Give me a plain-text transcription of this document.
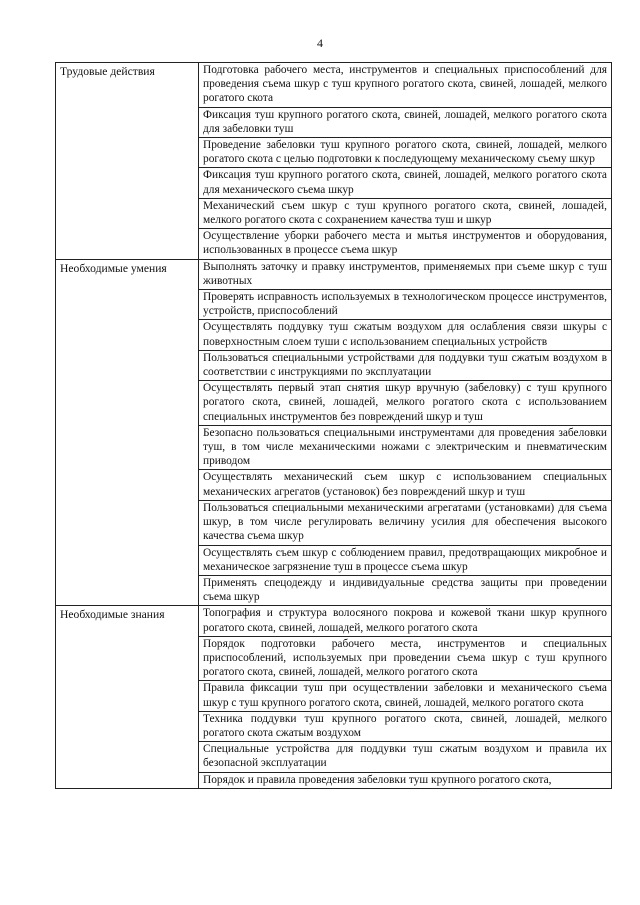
4
Трудовые действия	Подготовка рабочего места, инструментов и специальных приспособлений для проведения съема шкур с туш крупного рогатого скота, свиней, лошадей, мелкого рогатого скота
	Фиксация туш крупного рогатого скота, свиней, лошадей, мелкого рогатого скота для забеловки туш
	Проведение забеловки туш крупного рогатого скота, свиней, лошадей, мелкого рогатого скота с целью подготовки к последующему механическому съему шкур
	Фиксация туш крупного рогатого скота, свиней, лошадей, мелкого рогатого скота для механического съема шкур
	Механический съем шкур с туш крупного рогатого скота, свиней, лошадей, мелкого рогатого скота с сохранением качества туш и шкур
	Осуществление уборки рабочего места и мытья инструментов и оборудования, использованных в процессе съема шкур

Необходимые умения	Выполнять заточку и правку инструментов, применяемых при съеме шкур с туш животных
	Проверять исправность используемых в технологическом процессе инструментов, устройств, приспособлений
	Осуществлять поддувку туш сжатым воздухом для ослабления связи шкуры с поверхностным слоем туши с использованием специальных устройств
	Пользоваться специальными устройствами для поддувки туш сжатым воздухом в соответствии с инструкциями по эксплуатации
	Осуществлять первый этап снятия шкур вручную (забеловку) с туш крупного рогатого скота, свиней, лошадей, мелкого рогатого скота с использованием специальных инструментов без повреждений шкур и туш
	Безопасно пользоваться специальными инструментами для проведения забеловки туш, в том числе механическими ножами с электрическим и пневматическим приводом
	Осуществлять механический съем шкур с использованием специальных механических агрегатов (установок) без повреждений шкур и туш
	Пользоваться специальными механическими агрегатами (установками) для съема шкур, в том числе регулировать величину усилия для обеспечения высокого качества съема шкур
	Осуществлять съем шкур с соблюдением правил, предотвращающих микробное и механическое загрязнение туш в процессе съема шкур
	Применять спецодежду и индивидуальные средства защиты при проведении съема шкур

Необходимые знания	Топография и структура волосяного покрова и кожевой ткани шкур крупного рогатого скота, свиней, лошадей, мелкого рогатого скота
	Порядок подготовки рабочего места, инструментов и специальных приспособлений, используемых при проведении съема шкур с туш крупного рогатого скота, свиней, лошадей, мелкого рогатого скота
	Правила фиксации туш при осуществлении забеловки и механического съема шкур с туш крупного рогатого скота, свиней, лошадей, мелкого рогатого скота
	Техника поддувки туш крупного рогатого скота, свиней, лошадей, мелкого рогатого скота сжатым воздухом
	Специальные устройства для поддувки туш сжатым воздухом и правила их безопасной эксплуатации
	Порядок и правила проведения забеловки туш крупного рогатого скота,
